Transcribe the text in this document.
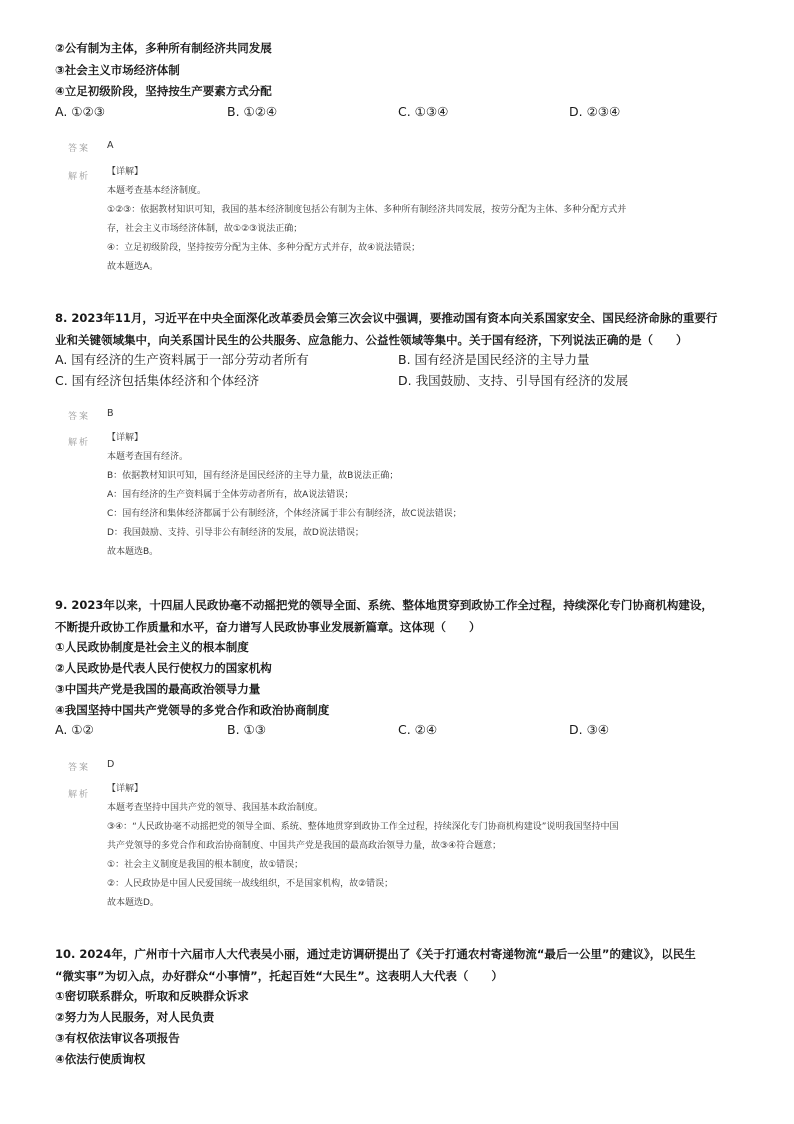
②公有制为主体，多种所有制经济共同发展
③社会主义市场经济体制
④立足初级阶段，坚持按生产要素方式分配
A. ①②③	B. ①②④	C. ①③④	D. ②③④
答案 A
解析 【详解】
本题考查基本经济制度。
①②③：依据教材知识可知，我国的基本经济制度包括公有制为主体、多种所有制经济共同发展，按劳分配为主体、多种分配方式并
存，社会主义市场经济体制，故①②③说法正确；
④：立足初级阶段，坚持按劳分配为主体、多种分配方式并存，故④说法错误；
故本题选A。
8. 2023年11月，习近平在中央全面深化改革委员会第三次会议中强调，要推动国有资本向关系国家安全、国民经济命脉的重要行
业和关键领域集中，向关系国计民生的公共服务、应急能力、公益性领域等集中。关于国有经济，下列说法正确的是（　　）
A. 国有经济的生产资料属于一部分劳动者所有	B. 国有经济是国民经济的主导力量
C. 国有经济包括集体经济和个体经济	D. 我国鼓励、支持、引导国有经济的发展
答案 B
解析 【详解】
本题考查国有经济。
B：依据教材知识可知，国有经济是国民经济的主导力量，故B说法正确；
A：国有经济的生产资料属于全体劳动者所有，故A说法错误；
C：国有经济和集体经济都属于公有制经济，个体经济属于非公有制经济，故C说法错误；
D：我国鼓励、支持、引导非公有制经济的发展，故D说法错误；
故本题选B。
9. 2023年以来，十四届人民政协毫不动摇把党的领导全面、系统、整体地贯穿到政协工作全过程，持续深化专门协商机构建设，
不断提升政协工作质量和水平，奋力谱写人民政协事业发展新篇章。这体现（　　）
①人民政协制度是社会主义的根本制度
②人民政协是代表人民行使权力的国家机构
③中国共产党是我国的最高政治领导力量
④我国坚持中国共产党领导的多党合作和政治协商制度
A. ①②	B. ①③	C. ②④	D. ③④
答案 D
解析
【详解】
本题考查坚持中国共产党的领导、我国基本政治制度。
③④：“人民政协毫不动摇把党的领导全面、系统、整体地贯穿到政协工作全过程，持续深化专门协商机构建设”说明我国坚持中国
共产党领导的多党合作和政治协商制度、中国共产党是我国的最高政治领导力量，故③④符合题意；
①：社会主义制度是我国的根本制度，故①错误；
②：人民政协是中国人民爱国统一战线组织，不是国家机构，故②错误；
故本题选D。
10. 2024年，广州市十六届市人大代表吴小丽，通过走访调研提出了《关于打通农村寄递物流“最后一公里”的建议》，以民生
“微实事”为切入点，办好群众“小事情”，托起百姓“大民生”。这表明人大代表（　　）
①密切联系群众，听取和反映群众诉求
②努力为人民服务，对人民负责
③有权依法审议各项报告
④依法行使质询权
